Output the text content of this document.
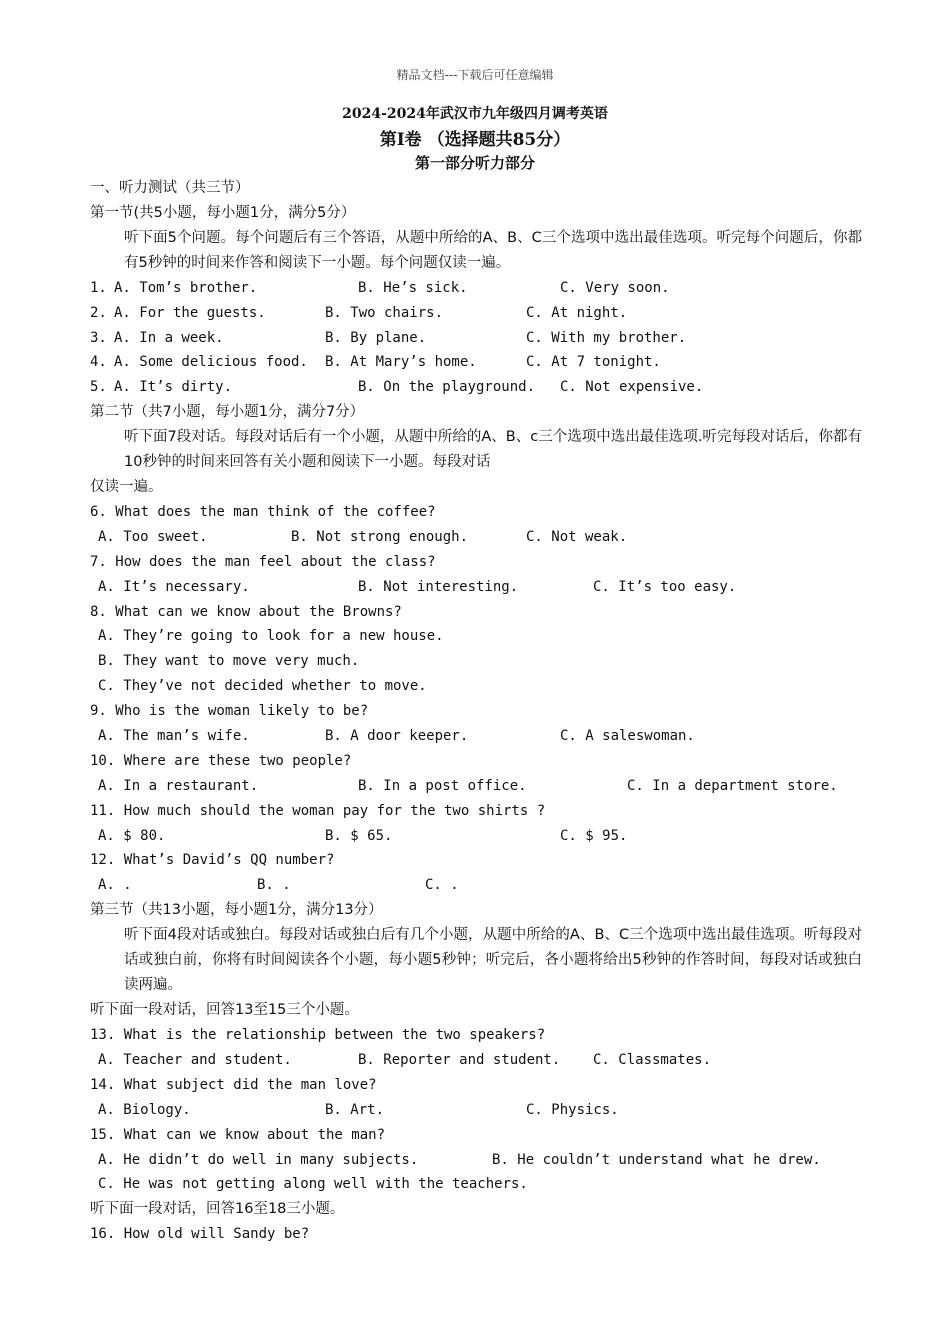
精品文档---下载后可任意编辑
2024-2024年武汉市九年级四月调考英语
第Ⅰ卷 （选择题共85分）
第一部分听力部分
一、听力测试（共三节）
第一节(共5小题，每小题1分，满分5分）
听下面5个问题。每个问题后有三个答语，从题中所给的A、B、C三个选项中选出最佳选项。听完每个问题后，你都有5秒钟的时间来作答和阅读下一小题。每个问题仅读一遍。
1. A. Tom’s brother.	B. He’s sick.	C. Very soon.
2. A. For the guests.	B. Two chairs.	C. At night.
3. A. In a week.	B. By plane.	C. With my brother.
4. A. Some delicious food. B. At Mary’s home.	C. At 7 tonight.
5. A. It’s dirty.	B. On the playground. C. Not expensive.
第二节（共7小题，每小题1分，满分7分）
听下面7段对话。每段对话后有一个小题，从题中所给的A、B、c三个选项中选出最佳选项.听完每段对话后，你都有10秒钟的时间来回答有关小题和阅读下一小题。每段对话
仅读一遍。
6. What does the man think of the coffee?
A. Too sweet.	B. Not strong enough.	C. Not weak.
7. How does the man feel about the class?
A. It’s necessary.	B. Not interesting.	C. It’s too easy.
8. What can we know about the Browns?
A. They’re going to look for a new house.
B. They want to move very much.
C. They’ve not decided whether to move.
9. Who is the woman likely to be?
A. The man’s wife.	B. A door keeper.	C. A saleswoman.
10. Where are these two people?
A. In a restaurant.	B. In a post office.	C. In a department store.
11. How much should the woman pay for the two shirts ?
A. $ 80.	B. $ 65.	C. $ 95.
12. What’s David’s QQ number?
A. .	B. .	C. .
第三节（共13小题，每小题1分，满分13分）
听下面4段对话或独白。每段对话或独白后有几个小题，从题中所给的A、B、C三个选项中选出最佳选项。听每段对话或独白前，你将有时间阅读各个小题，每小题5秒钟；听完后，各小题将给出5秒钟的作答时间，每段对话或独白读两遍。
听下面一段对话，回答13至15三个小题。
13. What is the relationship between the two speakers?
A. Teacher and student.	B. Reporter and student. C. Classmates.
14. What subject did the man love?
A. Biology.	B. Art.	C. Physics.
15. What can we know about the man?
A. He didn’t do well in many subjects.	B. He couldn’t understand what he drew.
C. He was not getting along well with the teachers.
听下面一段对话，回答16至18三小题。
16. How old will Sandy be?
